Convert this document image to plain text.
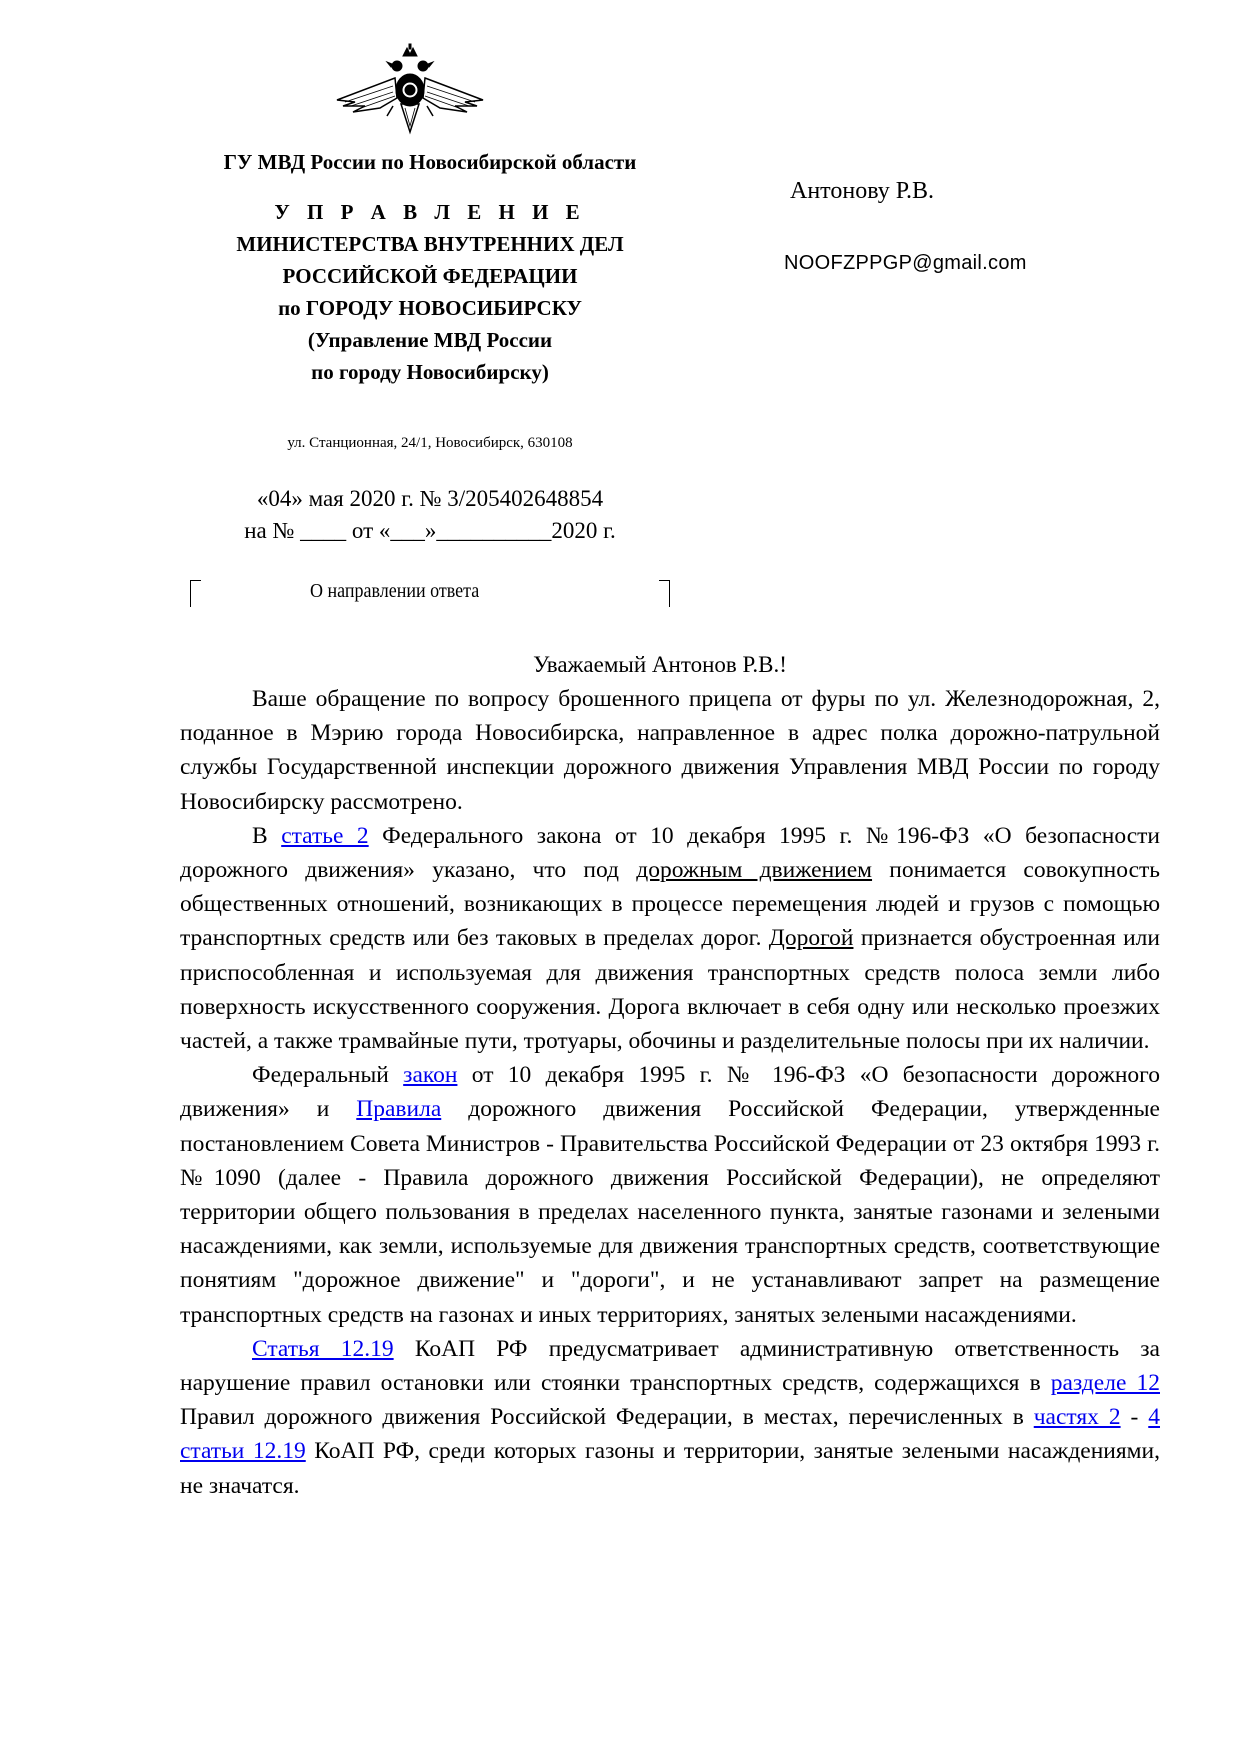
ГУ МВД России по Новосибирской области
У П Р А В Л Е Н И Е
МИНИСТЕРСТВА ВНУТРЕННИХ ДЕЛ
РОССИЙСКОЙ ФЕДЕРАЦИИ
по ГОРОДУ НОВОСИБИРСКУ
(Управление МВД России
по городу Новосибирску)
ул. Станционная, 24/1, Новосибирск, 630108
«04» мая 2020 г. № 3/205402648854
на № ____ от «___»__________2020 г.
Антонову Р.В.
NOOFZPPGP@gmail.com
О направлении ответа
Уважаемый Антонов Р.В.!

Ваше обращение по вопросу брошенного прицепа от фуры по ул. Железнодорожная, 2, поданное в Мэрию города Новосибирска, направленное в адрес полка дорожно-патрульной службы Государственной инспекции дорожного движения Управления МВД России по городу Новосибирску рассмотрено.

В статье 2 Федерального закона от 10 декабря 1995 г. №196-ФЗ «О безопасности дорожного движения» указано, что под дорожным движением понимается совокупность общественных отношений, возникающих в процессе перемещения людей и грузов с помощью транспортных средств или без таковых в пределах дорог. Дорогой признается обустроенная или приспособленная и используемая для движения транспортных средств полоса земли либо поверхность искусственного сооружения. Дорога включает в себя одну или несколько проезжих частей, а также трамвайные пути, тротуары, обочины и разделительные полосы при их наличии.

Федеральный закон от 10 декабря 1995 г. № 196-ФЗ «О безопасности дорожного движения» и Правила дорожного движения Российской Федерации, утвержденные постановлением Совета Министров - Правительства Российской Федерации от 23 октября 1993 г. №1090 (далее - Правила дорожного движения Российской Федерации), не определяют территории общего пользования в пределах населенного пункта, занятые газонами и зелеными насаждениями, как земли, используемые для движения транспортных средств, соответствующие понятиям "дорожное движение" и "дороги", и не устанавливают запрет на размещение транспортных средств на газонах и иных территориях, занятых зелеными насаждениями.

Статья 12.19 КоАП РФ предусматривает административную ответственность за нарушение правил остановки или стоянки транспортных средств, содержащихся в разделе 12 Правил дорожного движения Российской Федерации, в местах, перечисленных в частях 2 - 4 статьи 12.19 КоАП РФ, среди которых газоны и территории, занятые зелеными насаждениями, не значатся.
